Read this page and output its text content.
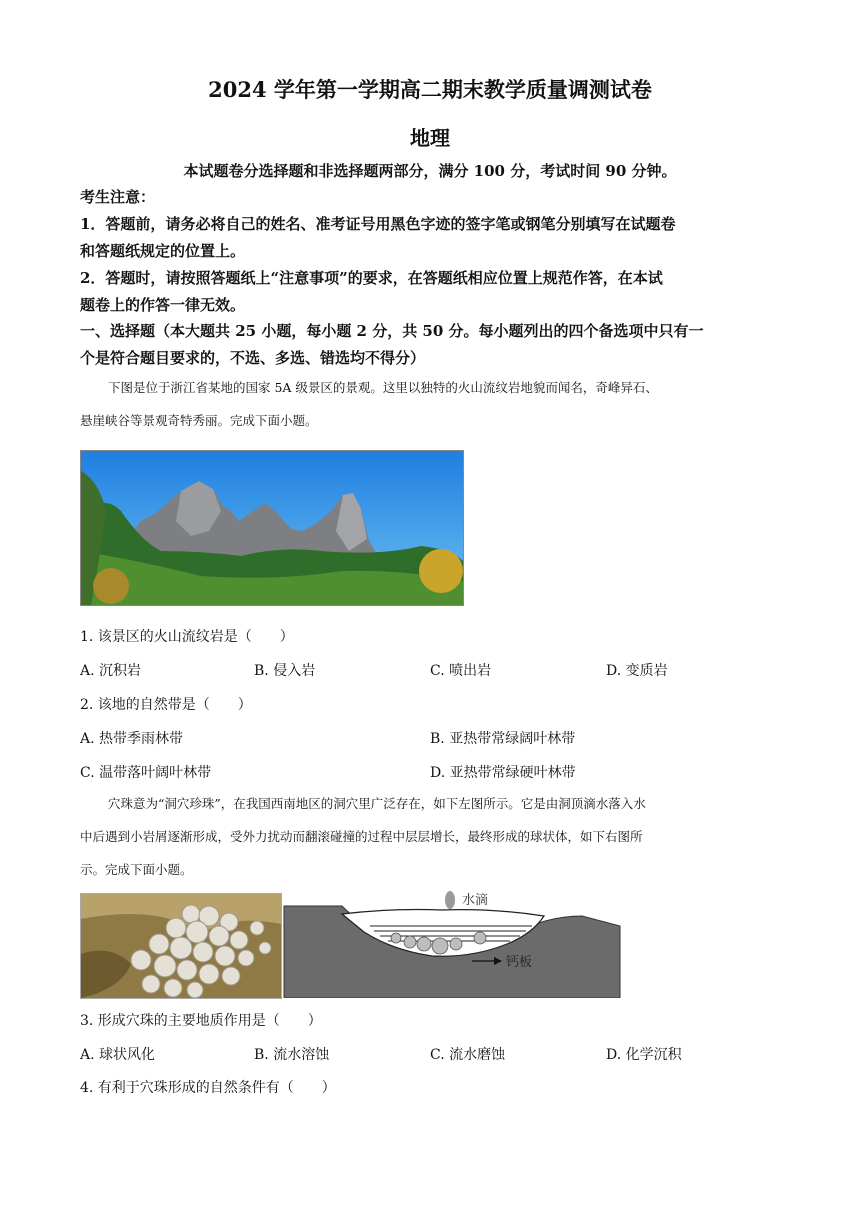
2024 学年第一学期高二期末教学质量调测试卷
地理
本试题卷分选择题和非选择题两部分，满分 100 分，考试时间 90 分钟。
考生注意：
1．答题前，请务必将自己的姓名、准考证号用黑色字迹的签字笔或钢笔分别填写在试题卷
和答题纸规定的位置上。
2．答题时，请按照答题纸上“注意事项”的要求，在答题纸相应位置上规范作答，在本试
题卷上的作答一律无效。
一、选择题（本大题共 25 小题，每小题 2 分，共 50 分。每小题列出的四个备选项中只有一
个是符合题目要求的，不选、多选、错选均不得分）
下图是位于浙江省某地的国家 5A 级景区的景观。这里以独特的火山流纹岩地貌而闻名，奇峰异石、
悬崖峡谷等景观奇特秀丽。完成下面小题。
1. 该景区的火山流纹岩是（　　）
A. 沉积岩	B. 侵入岩	C. 喷出岩	D. 变质岩
2. 该地的自然带是（　　）
A. 热带季雨林带	B. 亚热带常绿阔叶林带
C. 温带落叶阔叶林带	D. 亚热带常绿硬叶林带
穴珠意为“洞穴珍珠”，在我国西南地区的洞穴里广泛存在，如下左图所示。它是由洞顶滴水落入水
中后遇到小岩屑逐渐形成，受外力扰动而翻滚碰撞的过程中层层增长，最终形成的球状体，如下右图所
示。完成下面小题。
水滴
钙板
3. 形成穴珠的主要地质作用是（　　）
A. 球状风化	B. 流水溶蚀	C. 流水磨蚀	D. 化学沉积
4. 有利于穴珠形成的自然条件有（　　）
